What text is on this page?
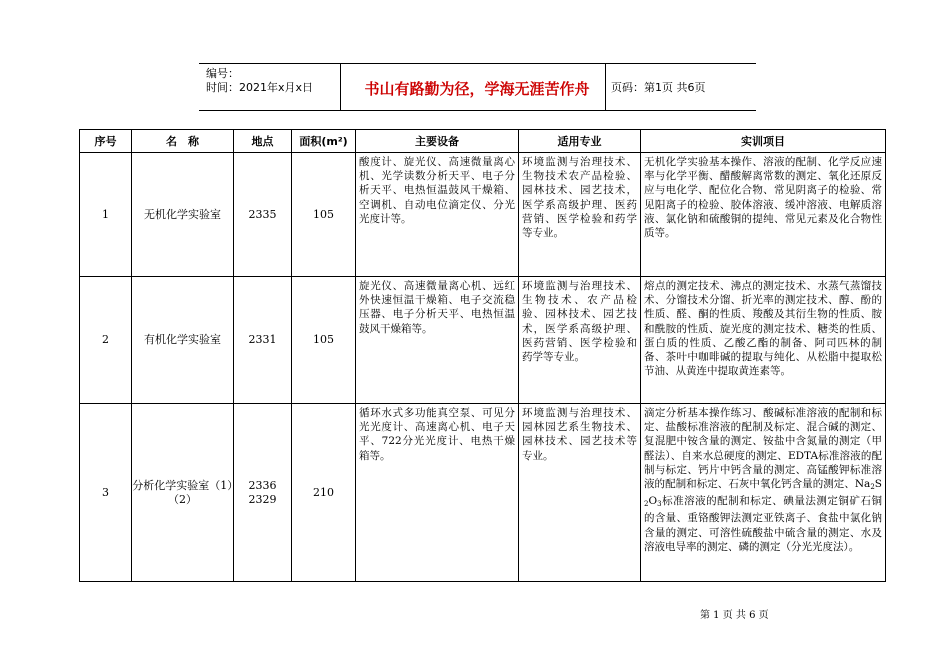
编号：
时间：2021年x月x日	书山有路勤为径，学海无涯苦作舟	页码：第1页 共6页
序号	名　称	地点	面积(m²)	主要设备	适用专业	实训项目
1	无机化学实验室	2335	105	酸度计、旋光仪、高速微量离心机、光学读数分析天平、电子分析天平、电热恒温鼓风干燥箱、空调机、自动电位滴定仪、分光光度计等。	环境监测与治理技术、生物技术农产品检验、园林技术、园艺技术，医学系高级护理、医药营销、医学检验和药学等专业。	无机化学实验基本操作、溶液的配制、化学反应速率与化学平衡、醋酸解离常数的测定、氧化还原反应与电化学、配位化合物、常见阴离子的检验、常见阳离子的检验、胶体溶液、缓冲溶液、电解质溶液、氯化钠和硫酸铜的提纯、常见元素及化合物性质等。
2	有机化学实验室	2331	105	旋光仪、高速微量离心机、远红外快速恒温干燥箱、电子交流稳压器、电子分析天平、电热恒温鼓风干燥箱等。	环境监测与治理技术、生物技术、农产品检验、园林技术、园艺技术，医学系高级护理、医药营销、医学检验和药学等专业。	熔点的测定技术、沸点的测定技术、水蒸气蒸馏技术、分馏技术分馏、折光率的测定技术、醇、酚的性质、醛、酮的性质、羧酸及其衍生物的性质、胺和酰胺的性质、旋光度的测定技术、糖类的性质、蛋白质的性质、乙酸乙酯的制备、阿司匹林的制备、茶叶中咖啡碱的提取与纯化、从松脂中提取松节油、从黄连中提取黄连素等。
3	分析化学实验室（1）（2）	2336 2329	210	循环水式多功能真空泵、可见分光光度计、高速离心机、电子天平、722分光光度计、电热干燥箱等。	环境监测与治理技术、园林园艺系生物技术、园林技术、园艺技术等专业。	滴定分析基本操作练习、酸碱标准溶液的配制和标定、盐酸标准溶液的配制及标定、混合碱的测定、复混肥中铵含量的测定、铵盐中含氮量的测定（甲醛法）、自来水总硬度的测定、EDTA标准溶液的配制与标定、钙片中钙含量的测定、高锰酸钾标准溶液的配制和标定、石灰中氧化钙含量的测定、$Na_2S_2O_3$标准溶液的配制和标定、碘量法测定铜矿石铜的含量、重铬酸钾法测定亚铁离子、食盐中氯化钠含量的测定、可溶性硫酸盐中硫含量的测定、水及溶液电导率的测定、磷的测定（分光光度法）。
第 1 页 共 6 页
